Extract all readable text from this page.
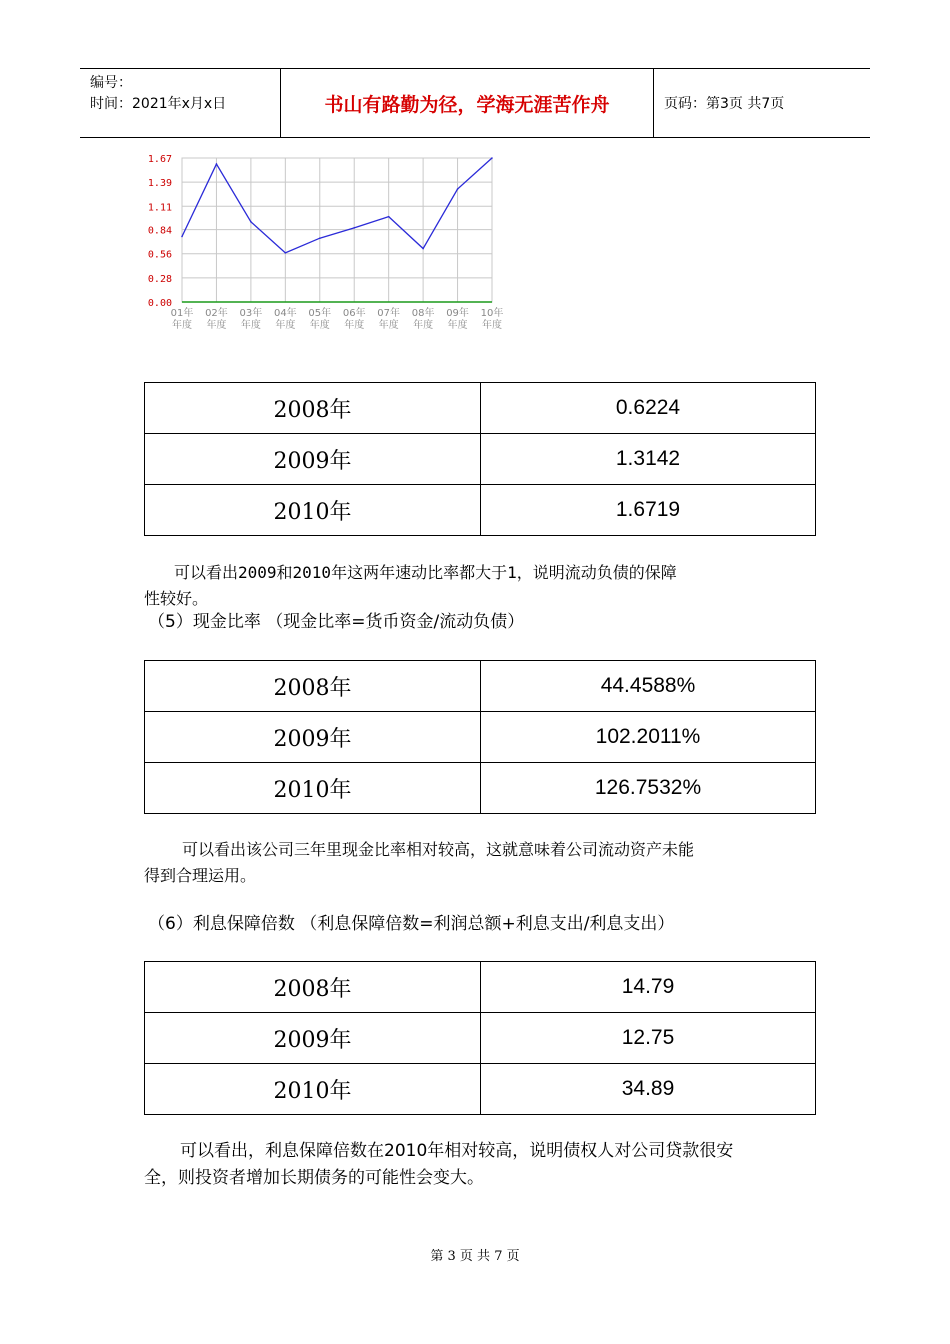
编号：
时间：2021年x月x日	书山有路勤为径，学海无涯苦作舟	页码：第3页 共7页
1.67
1.39
1.11
0.84
0.56
0.28
0.00
01年
年度
02年
年度
03年
年度
04年
年度
05年
年度
06年
年度
07年
年度
08年
年度
09年
年度
10年
年度
2008年	0.6224
2009年	1.3142
2010年	1.6719
可以看出2009和2010年这两年速动比率都大于1，说明流动负债的保障
性较好。
（5）现金比率 （现金比率=货币资金/流动负债）
2008年	44.4588%
2009年	102.2011%
2010年	126.7532%
可以看出该公司三年里现金比率相对较高，这就意味着公司流动资产未能
得到合理运用。
（6）利息保障倍数 （利息保障倍数=利润总额+利息支出/利息支出）
2008年	14.79
2009年	12.75
2010年	34.89
可以看出，利息保障倍数在2010年相对较高，说明债权人对公司贷款很安
全，则投资者增加长期债务的可能性会变大。
第 3 页 共 7 页
